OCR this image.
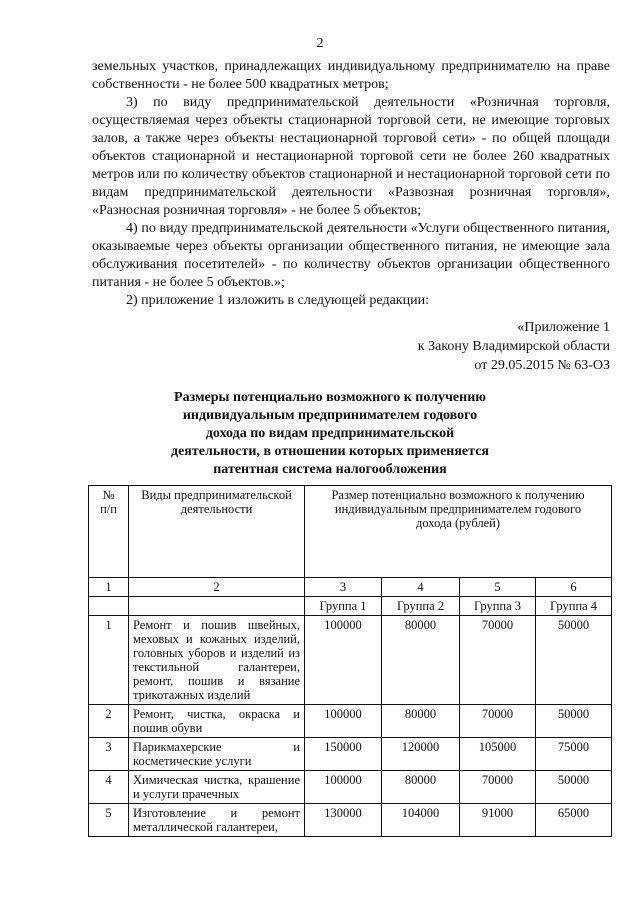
2

земельных участков, принадлежащих индивидуальному предпринимателю на праве собственности - не более 500 квадратных метров;

3) по виду предпринимательской деятельности «Розничная торговля, осуществляемая через объекты стационарной торговой сети, не имеющие торговых залов, а также через объекты нестационарной торговой сети» - по общей площади объектов стационарной и нестационарной торговой сети не более 260 квадратных метров или по количеству объектов стационарной и нестационарной торговой сети по видам предпринимательской деятельности «Развозная розничная торговля», «Разносная розничная торговля» - не более 5 объектов;

4) по виду предпринимательской деятельности «Услуги общественного питания, оказываемые через объекты организации общественного питания, не имеющие зала обслуживания посетителей» - по количеству объектов организации общественного питания - не более 5 объектов.»;

2) приложение 1 изложить в следующей редакции:

«Приложение 1
к Закону Владимирской области
от 29.05.2015 № 63-ОЗ
Размеры потенциально возможного к получению
индивидуальным предпринимателем годового
дохода по видам предпринимательской
деятельности, в отношении которых применяется
патентная система налогообложения
№
п/п	Виды предпринимательской деятельности	Размер потенциально возможного к получению индивидуальным предпринимателем годового дохода (рублей)			
1	2	3	4	5	6
		Группа 1	Группа 2	Группа 3	Группа 4
1	Ремонт и пошив швейных, меховых и кожаных изделий, головных уборов и изделий из текстильной галантереи, ремонт, пошив и вязание трикотажных изделий	100000	80000	70000	50000
2	Ремонт, чистка, окраска и пошив обуви	100000	80000	70000	50000
3	Парикмахерские и косметические услуги	150000	120000	105000	75000
4	Химическая чистка, крашение и услуги прачечных	100000	80000	70000	50000
5	Изготовление и ремонт металлической галантереи,	130000	104000	91000	65000
